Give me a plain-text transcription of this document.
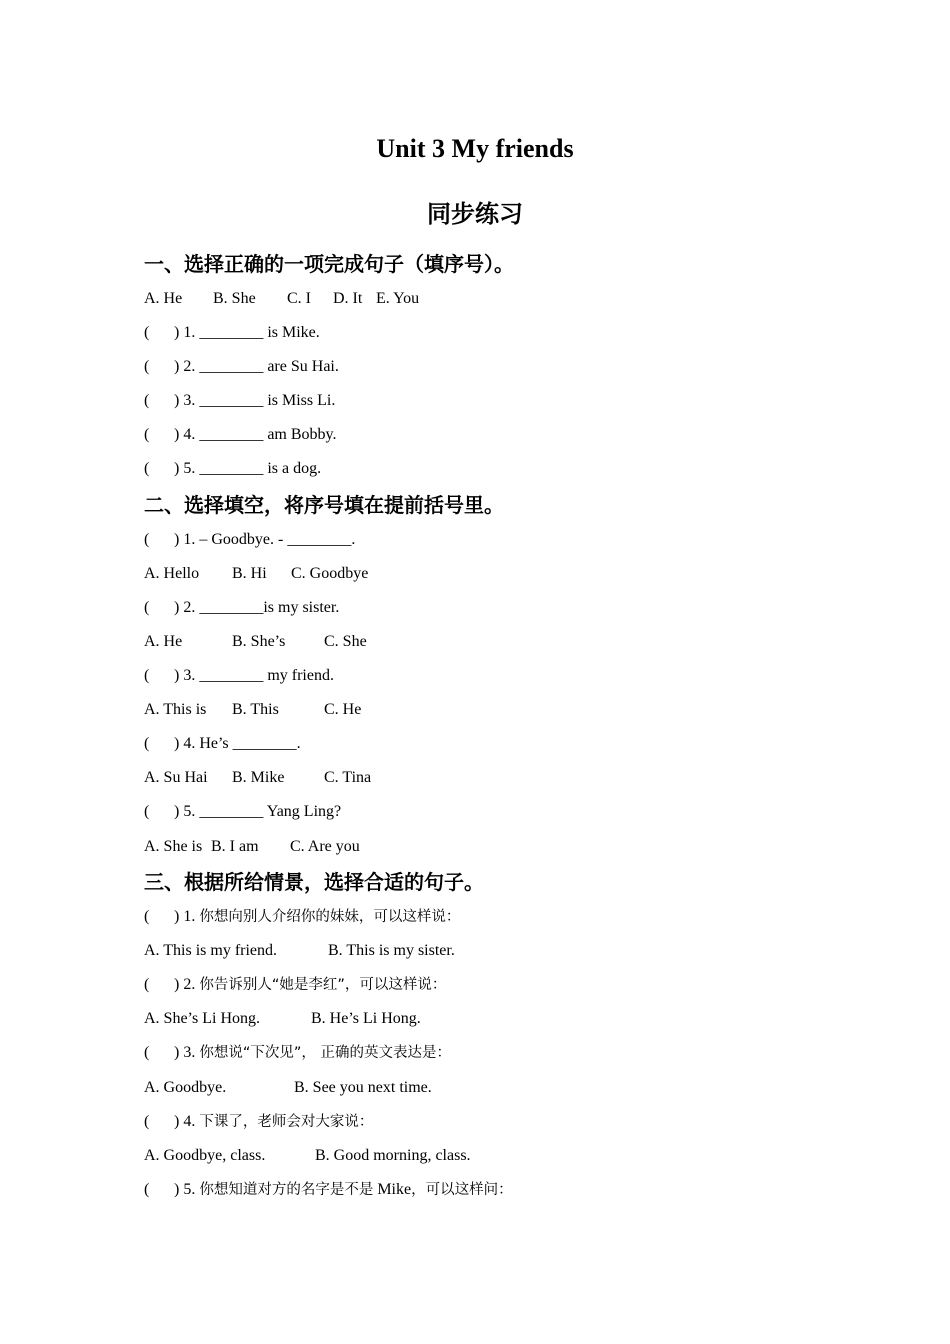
Unit 3 My friends
同步练习
一、选择正确的一项完成句子（填序号）。
A. He B. She C. I D. It E. You
( ) 1. ________ is Mike.
( ) 2. ________ are Su Hai.
( ) 3. ________ is Miss Li.
( ) 4. ________ am Bobby.
( ) 5. ________ is a dog.
二、选择填空，将序号填在提前括号里。
( ) 1. – Goodbye. - ________.
A. Hello B. Hi C. Goodbye
( ) 2. ________is my sister.
A. He	B. She’s C. She
( ) 3. ________ my friend.
A. This is B. This	C. He
( ) 4. He’s ________.
A. Su Hai B. Mike C. Tina
( ) 5. ________ Yang Ling?
A. She is B. I am C. Are you
三、根据所给情景，选择合适的句子。
( ) 1. 你想向别人介绍你的妹妹，可以这样说：
A. This is my friend.	B. This is my sister.
( ) 2. 你告诉别人“她是李红”，可以这样说：
A. She’s Li Hong.	B. He’s Li Hong.
( ) 3. 你想说“下次见”， 正确的英文表达是：
A. Goodbye.	B. See you next time.
( ) 4. 下课了，老师会对大家说：
A. Goodbye, class.	B. Good morning, class.
( ) 5. 你想知道对方的名字是不是 Mike，可以这样问：
